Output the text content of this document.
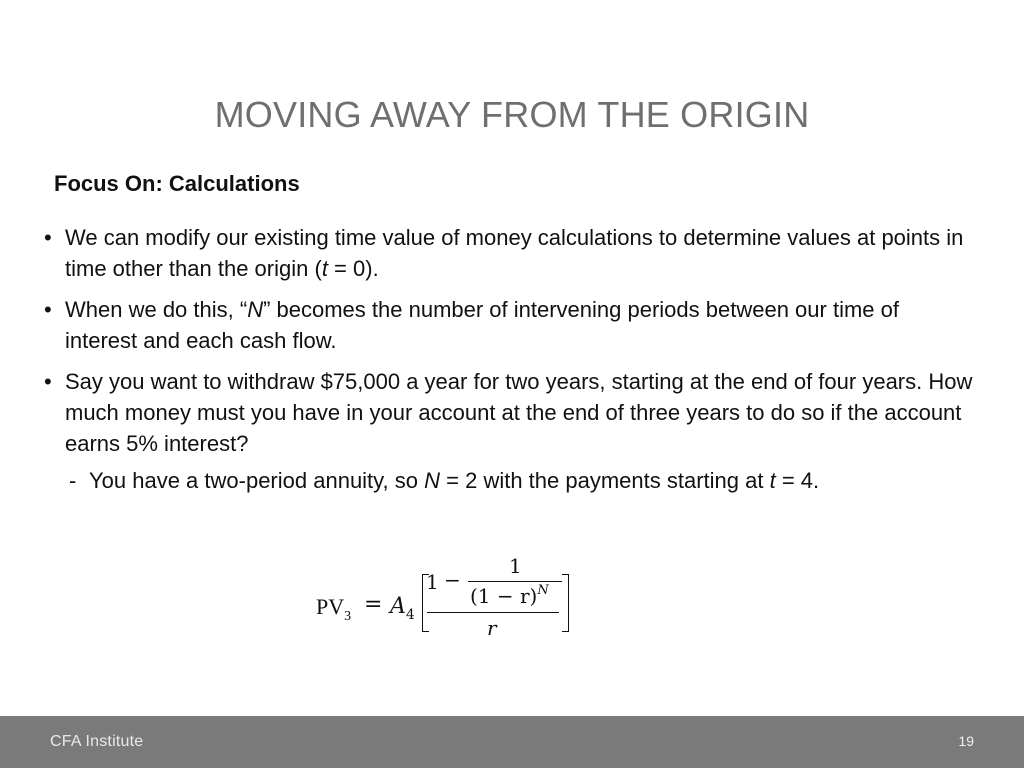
MOVING AWAY FROM THE ORIGIN
Focus On: Calculations
• We can modify our existing time value of money calculations to determine values at points in time other than the origin (t = 0).
• When we do this, “N” becomes the number of intervening periods between our time of interest and each cash flow.
• Say you want to withdraw $75,000 a year for two years, starting at the end of four years. How much money must you have in your account at the end of three years to do so if the account earns 5% interest?
- You have a two-period annuity, so N = 2 with the payments starting at t = 4.
$PV_3 = A_4$
1 −
1
$(1 - r)^N$
r
CFA Institute	19
